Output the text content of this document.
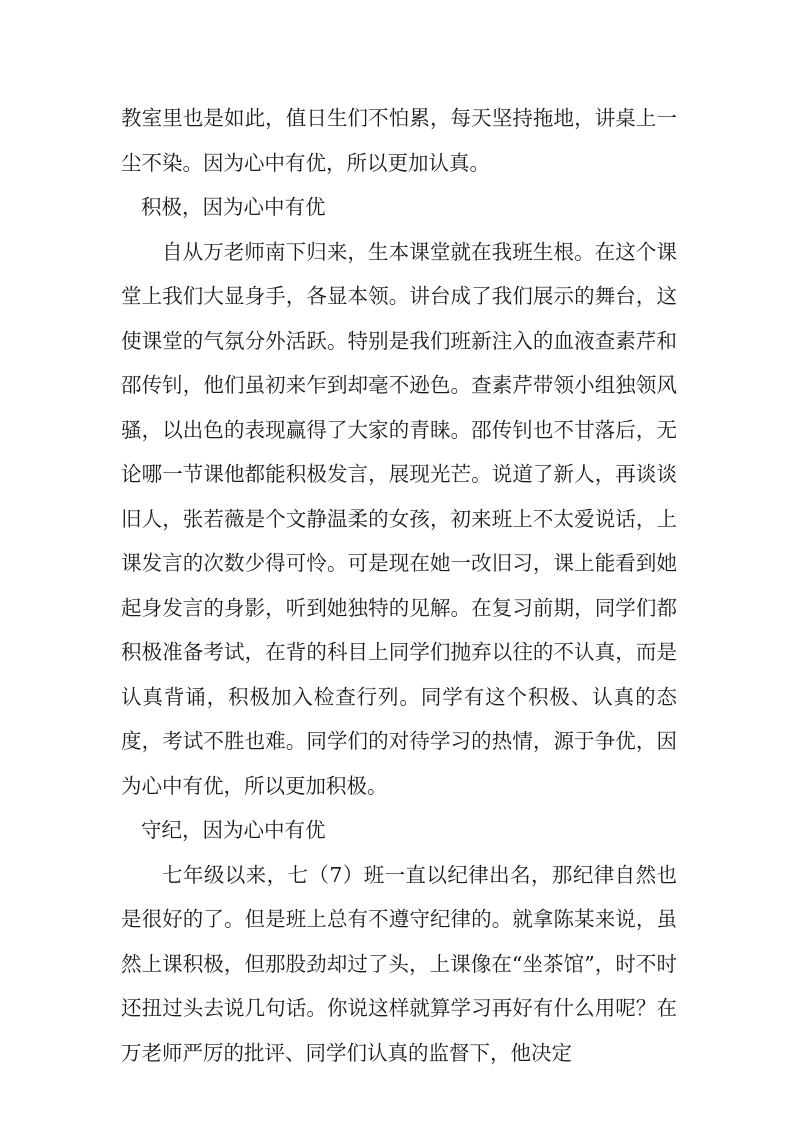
教室里也是如此，值日生们不怕累，每天坚持拖地，讲桌上一尘不染。因为心中有优，所以更加认真。

积极，因为心中有优

自从万老师南下归来，生本课堂就在我班生根。在这个课堂上我们大显身手，各显本领。讲台成了我们展示的舞台，这使课堂的气氛分外活跃。特别是我们班新注入的血液查素芹和邵传钊，他们虽初来乍到却毫不逊色。查素芹带领小组独领风骚，以出色的表现赢得了大家的青睐。邵传钊也不甘落后，无论哪一节课他都能积极发言，展现光芒。说道了新人，再谈谈旧人，张若薇是个文静温柔的女孩，初来班上不太爱说话，上课发言的次数少得可怜。可是现在她一改旧习，课上能看到她起身发言的身影，听到她独特的见解。在复习前期，同学们都积极准备考试，在背的科目上同学们抛弃以往的不认真，而是认真背诵，积极加入检查行列。同学有这个积极、认真的态度，考试不胜也难。同学们的对待学习的热情，源于争优，因为心中有优，所以更加积极。

守纪，因为心中有优

七年级以来，七（7）班一直以纪律出名，那纪律自然也是很好的了。但是班上总有不遵守纪律的。就拿陈某来说，虽然上课积极，但那股劲却过了头，上课像在“坐茶馆”，时不时还扭过头去说几句话。你说这样就算学习再好有什么用呢？在万老师严厉的批评、同学们认真的监督下，他决定
